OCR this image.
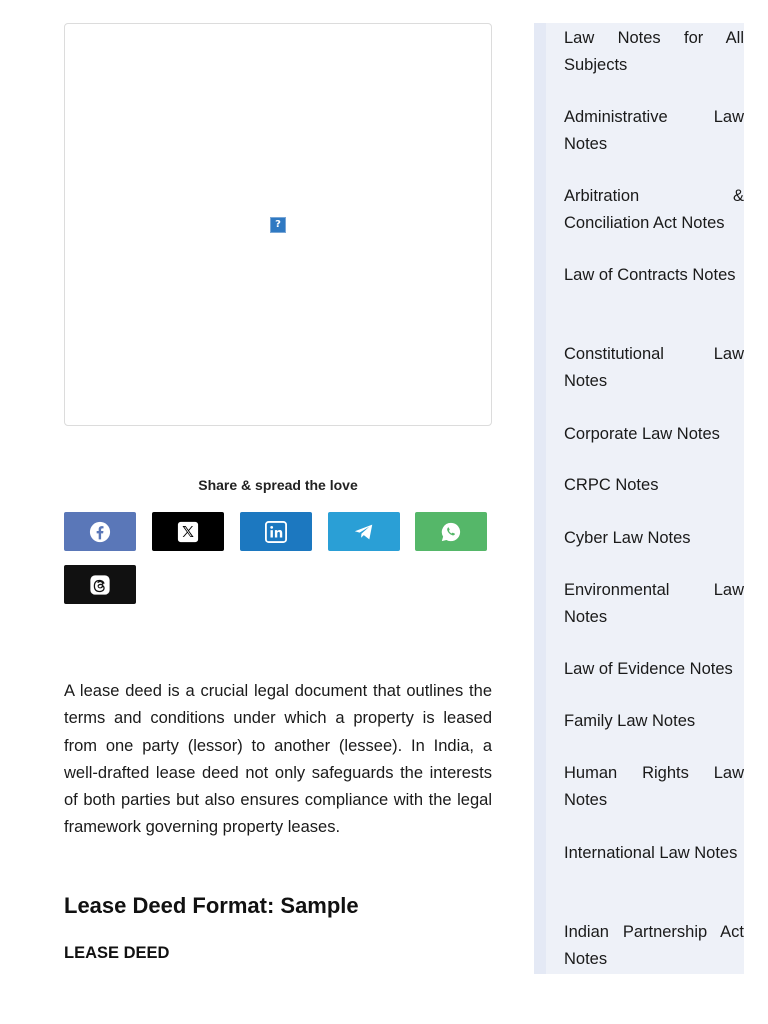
?
Share & spread the love

A lease deed is a crucial legal document that outlines the terms and conditions under which a property is leased from one party (lessor) to another (lessee). In India, a well-drafted lease deed not only safeguards the interests of both parties but also ensures compliance with the legal framework governing property leases.

Lease Deed Format: Sample
LEASE DEED
Law Notes for All Subjects
Administrative Law Notes
Arbitration & Conciliation Act Notes
Law of Contracts Notes
Constitutional Law Notes
Corporate Law Notes
CRPC Notes
Cyber Law Notes
Environmental Law Notes
Law of Evidence Notes
Family Law Notes
Human Rights Law Notes
International Law Notes
Indian Partnership Act Notes
